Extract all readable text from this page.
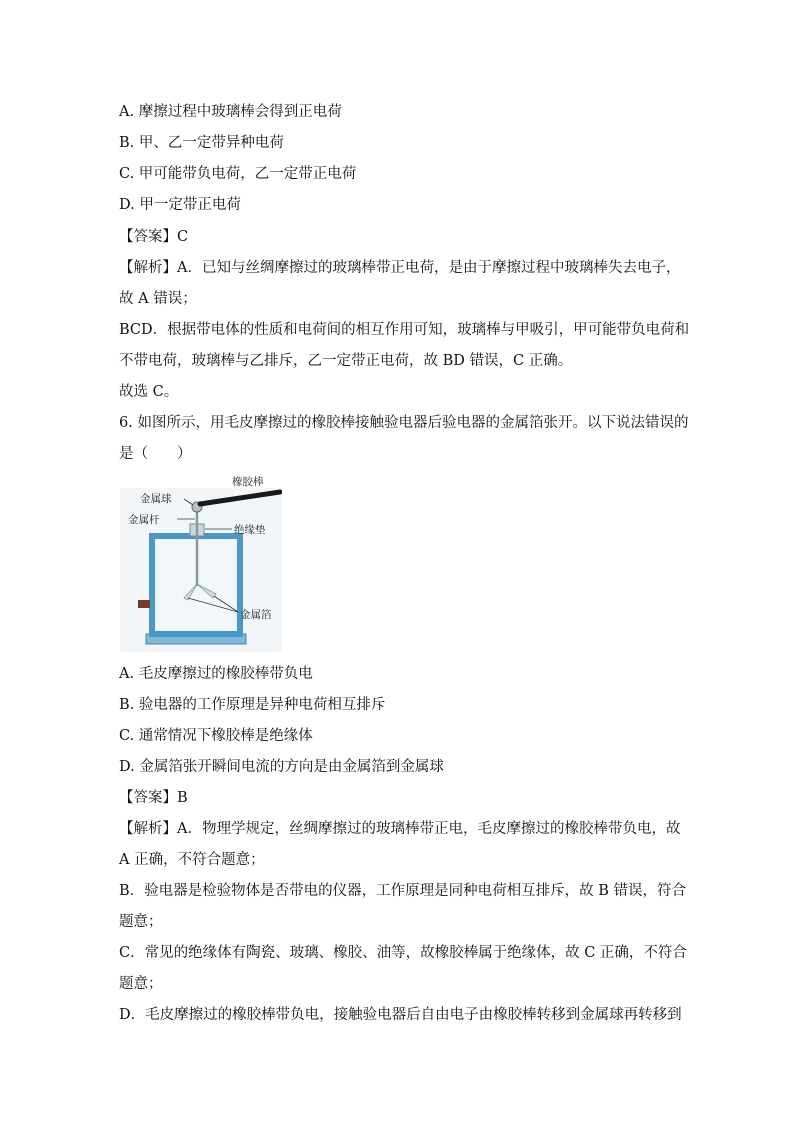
A. 摩擦过程中玻璃棒会得到正电荷
B. 甲、乙一定带异种电荷
C. 甲可能带负电荷，乙一定带正电荷
D. 甲一定带正电荷
【答案】C
【解析】A．已知与丝绸摩擦过的玻璃棒带正电荷，是由于摩擦过程中玻璃棒失去电子，
故 A 错误；
BCD．根据带电体的性质和电荷间的相互作用可知，玻璃棒与甲吸引，甲可能带负电荷和
不带电荷，玻璃棒与乙排斥，乙一定带正电荷，故 BD 错误，C 正确。
故选 C。
6. 如图所示，用毛皮摩擦过的橡胶棒接触验电器后验电器的金属箔张开。以下说法错误的
是（　　）
橡胶棒
金属球
金属杆
绝缘垫
金属箔
A. 毛皮摩擦过的橡胶棒带负电
B. 验电器的工作原理是异种电荷相互排斥
C. 通常情况下橡胶棒是绝缘体
D. 金属箔张开瞬间电流的方向是由金属箔到金属球
【答案】B
【解析】A．物理学规定，丝绸摩擦过的玻璃棒带正电，毛皮摩擦过的橡胶棒带负电，故
A 正确，不符合题意；
B．验电器是检验物体是否带电的仪器，工作原理是同种电荷相互排斥，故 B 错误，符合
题意；
C．常见的绝缘体有陶瓷、玻璃、橡胶、油等，故橡胶棒属于绝缘体，故 C 正确，不符合
题意；
D．毛皮摩擦过的橡胶棒带负电，接触验电器后自由电子由橡胶棒转移到金属球再转移到
